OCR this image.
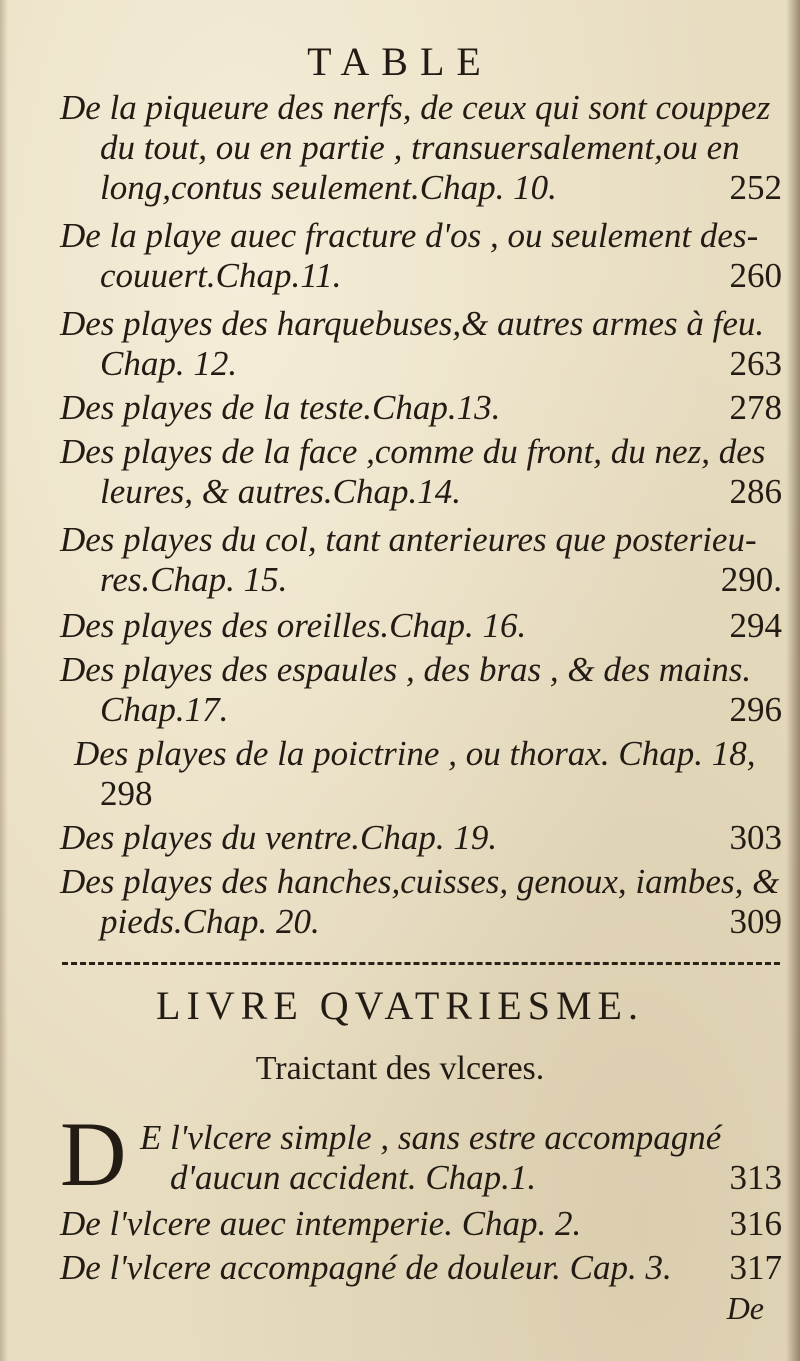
TABLE
De la piqueure des nerfs, de ceux qui sont couppez
du tout, ou en partie , transuersalement,ou en
long,contus seulement.Chap. 10.	252
De la playe auec fracture d'os , ou seulement des-
couuert.Chap.11.	260
Des playes des harquebuses,& autres armes à feu.
Chap. 12.	263
Des playes de la teste.Chap.13.	278
Des playes de la face ,comme du front, du nez, des
leures, & autres.Chap.14.	286
Des playes du col, tant anterieures que posterieu-
res.Chap. 15.	290.
Des playes des oreilles.Chap. 16.	294
Des playes des espaules , des bras , & des mains.
Chap.17.	296
Des playes de la poictrine , ou thorax. Chap. 18,
298
Des playes du ventre.Chap. 19.	303
Des playes des hanches,cuisses, genoux, iambes, &
pieds.Chap. 20.	309
LIVRE QVATRIESME.
Traictant des vlceres.
D E l'vlcere simple , sans estre accompagné
d'aucun accident. Chap.1.	313
De l'vlcere auec intemperie. Chap. 2.	316
De l'vlcere accompagné de douleur. Cap. 3. 317
De
